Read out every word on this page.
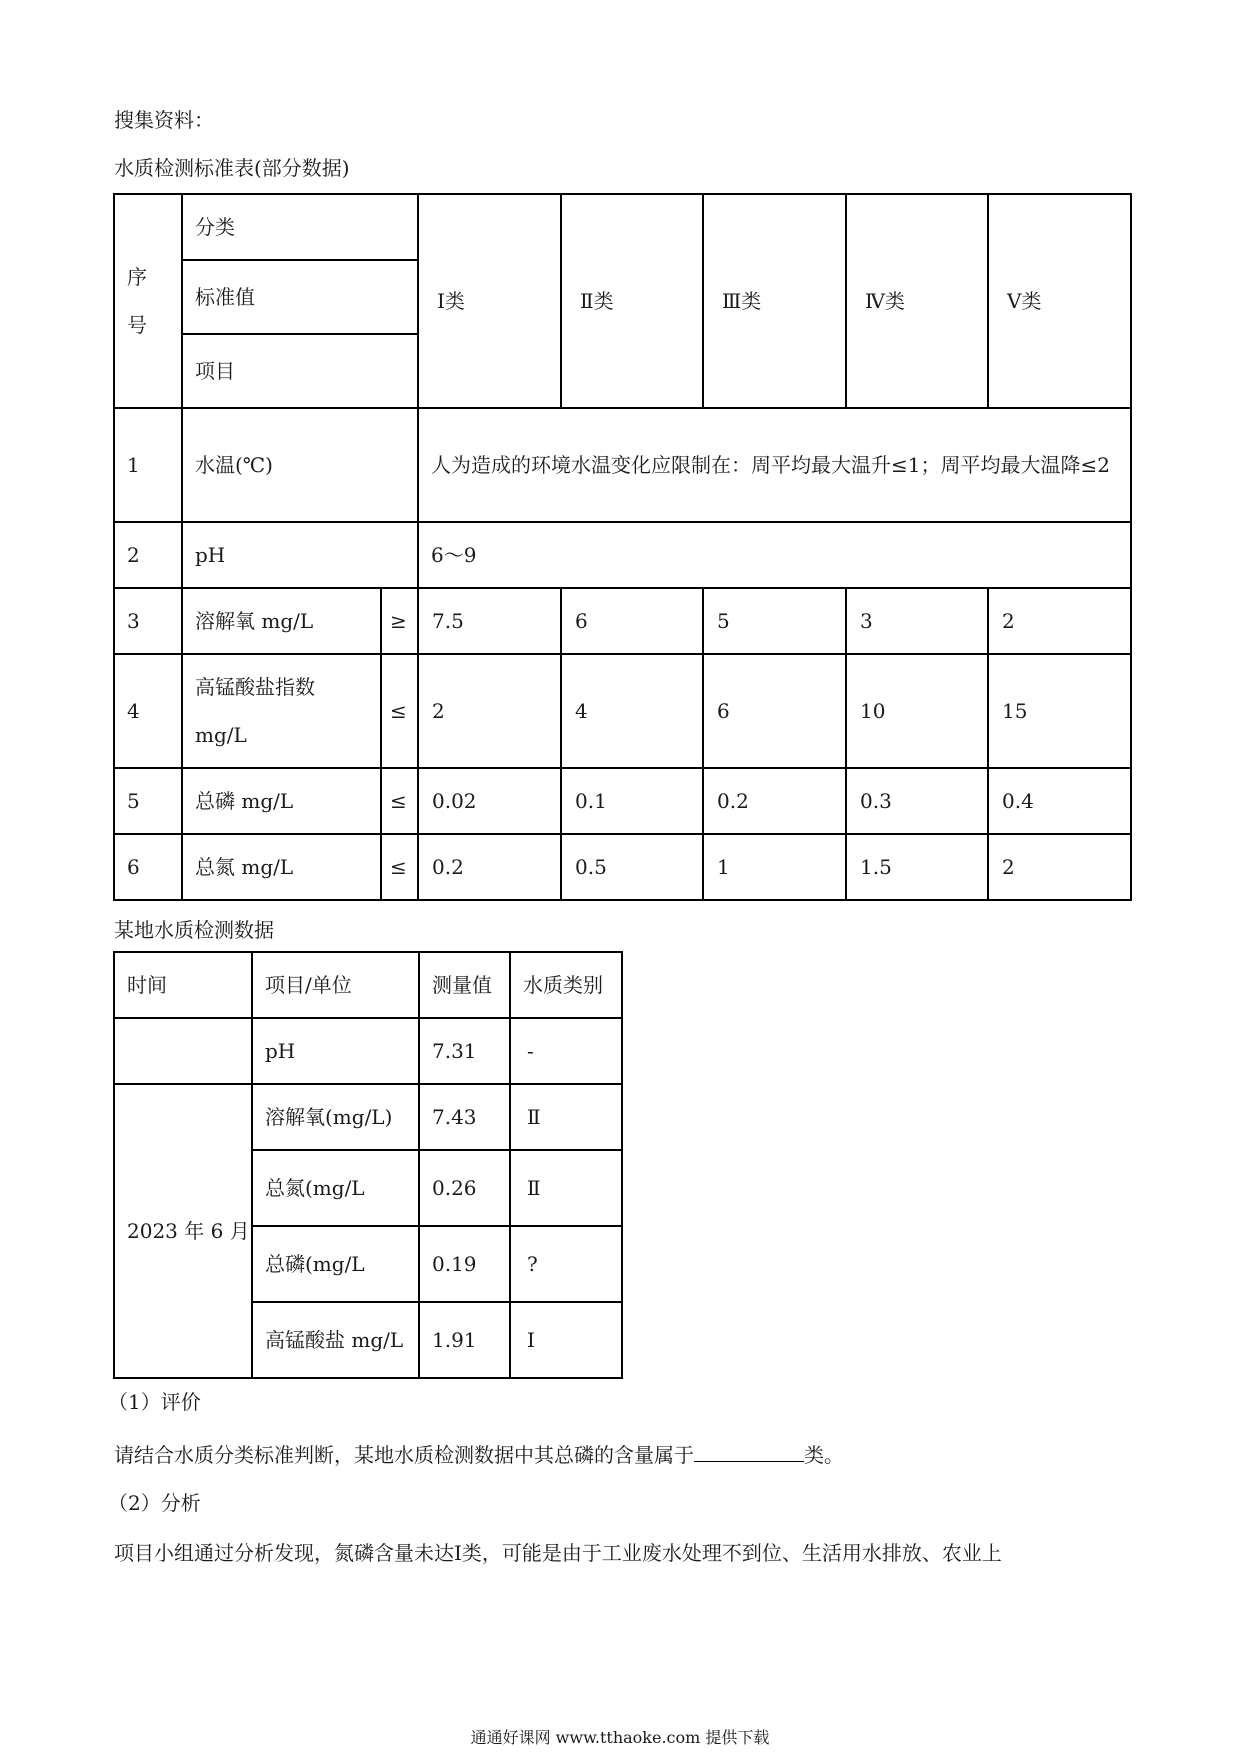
搜集资料：
水质检测标准表(部分数据)
序
号	分类		Ⅰ类	Ⅱ类	Ⅲ类	Ⅳ类	Ⅴ类
	标准值						
	项目						
1	水温(℃)		人为造成的环境水温变化应限制在：周平均最大温升≤1；周平均最大温降≤2				
2	pH		6～9				
3	溶解氧 mg/L	≥	7.5	6	5	3	2
4	高锰酸盐指数 mg/L	≤	2	4	6	10	15
5	总磷 mg/L	≤	0.02	0.1	0.2	0.3	0.4
6	总氮 mg/L	≤	0.2	0.5	1	1.5	2
某地水质检测数据
时间	项目/单位	测量值	水质类别
	pH	7.31	-
2023 年 6 月	溶解氧(mg/L)	7.43	Ⅱ
	总氮(mg/L	0.26	Ⅱ
	总磷(mg/L	0.19	?
	高锰酸盐 mg/L	1.91	Ⅰ
（1）评价
请结合水质分类标准判断，某地水质检测数据中其总磷的含量属于	类。
（2）分析
项目小组通过分析发现，氮磷含量未达Ⅰ类，可能是由于工业废水处理不到位、生活用水排放、农业上
通通好课网 www.tthaoke.com 提供下载
